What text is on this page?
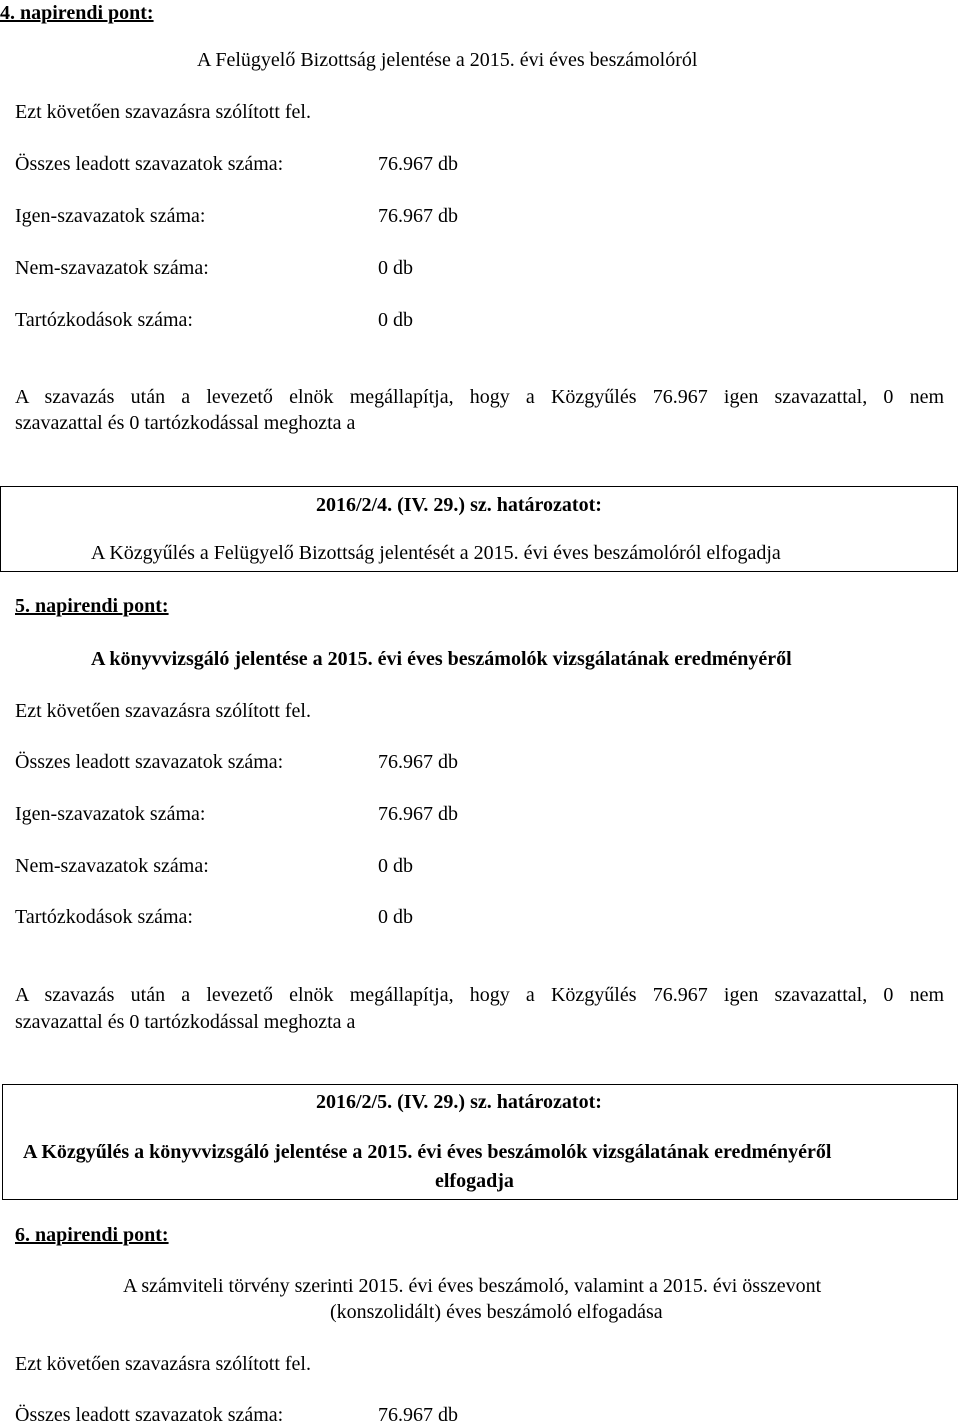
4. napirendi pont:
A Felügyelő Bizottság jelentése a 2015. évi éves beszámolóról
Ezt követően szavazásra szólított fel.
Összes leadott szavazatok száma:	76.967 db
Igen-szavazatok száma:	76.967 db
Nem-szavazatok száma:	0 db
Tartózkodások száma:	0 db
A szavazás után a levezető elnök megállapítja, hogy a Közgyűlés 76.967 igen szavazattal, 0 nem
szavazattal és 0 tartózkodással meghozta a
2016/2/4. (IV. 29.) sz. határozatot:
A Közgyűlés a Felügyelő Bizottság jelentését a 2015. évi éves beszámolóról elfogadja
5. napirendi pont:
A könyvvizsgáló jelentése a 2015. évi éves beszámolók vizsgálatának eredményéről
Ezt követően szavazásra szólított fel.
Összes leadott szavazatok száma:	76.967 db
Igen-szavazatok száma:	76.967 db
Nem-szavazatok száma:	0 db
Tartózkodások száma:	0 db
A szavazás után a levezető elnök megállapítja, hogy a Közgyűlés 76.967 igen szavazattal, 0 nem
szavazattal és 0 tartózkodással meghozta a
2016/2/5. (IV. 29.) sz. határozatot:
A Közgyűlés a könyvvizsgáló jelentése a 2015. évi éves beszámolók vizsgálatának eredményéről
elfogadja
6. napirendi pont:
A számviteli törvény szerinti 2015. évi éves beszámoló, valamint a 2015. évi összevont
(konszolidált) éves beszámoló elfogadása
Ezt követően szavazásra szólított fel.
Összes leadott szavazatok száma:	76.967 db
